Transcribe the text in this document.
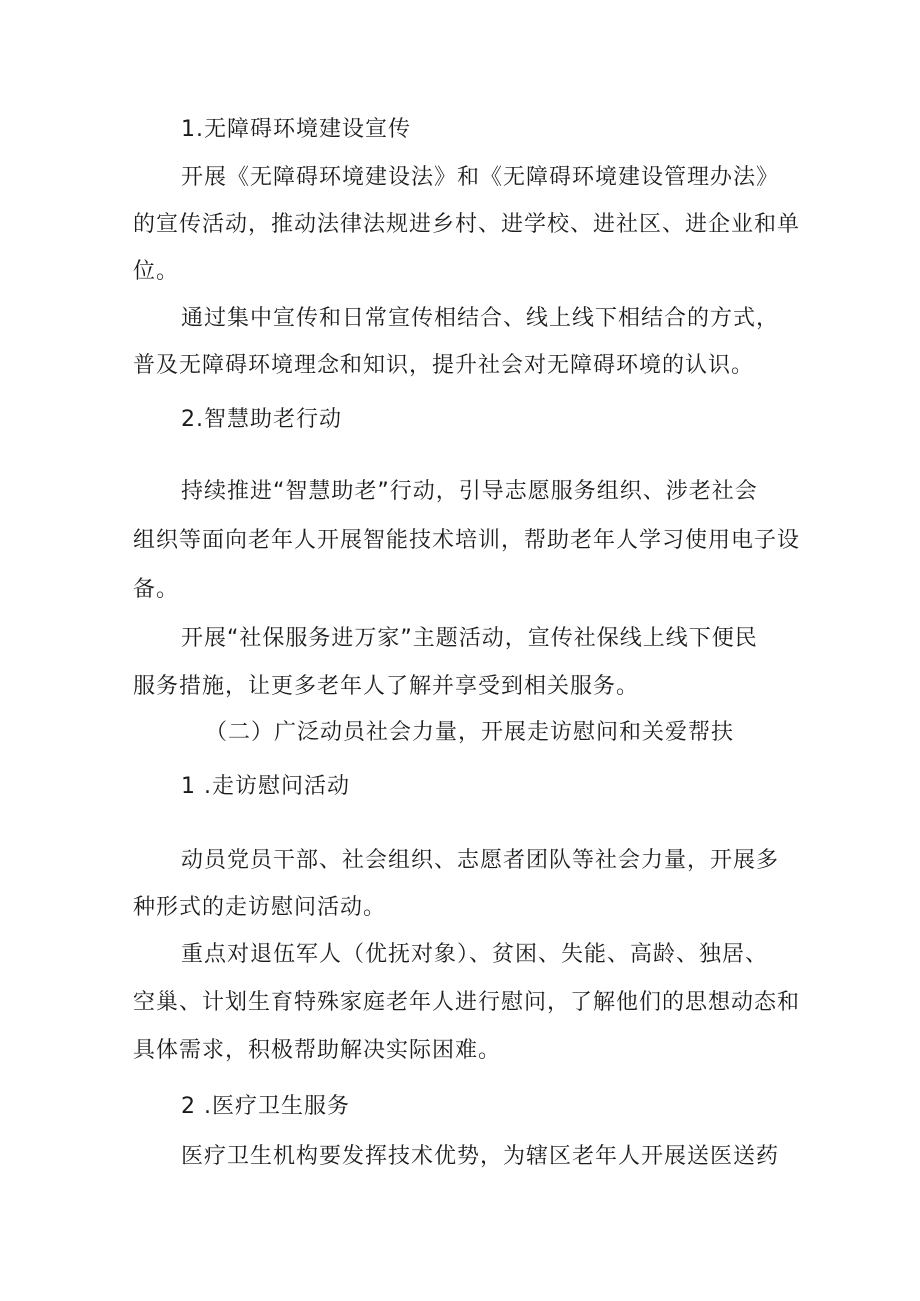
1.无障碍环境建设宣传
开展《无障碍环境建设法》和《无障碍环境建设管理办法》
的宣传活动，推动法律法规进乡村、进学校、进社区、进企业和单
位。
通过集中宣传和日常宣传相结合、线上线下相结合的方式，
普及无障碍环境理念和知识，提升社会对无障碍环境的认识。
2.智慧助老行动
持续推进“智慧助老”行动，引导志愿服务组织、涉老社会
组织等面向老年人开展智能技术培训，帮助老年人学习使用电子设
备。
开展“社保服务进万家”主题活动，宣传社保线上线下便民
服务措施，让更多老年人了解并享受到相关服务。
（二）广泛动员社会力量，开展走访慰问和关爱帮扶
1 .走访慰问活动
动员党员干部、社会组织、志愿者团队等社会力量，开展多
种形式的走访慰问活动。
重点对退伍军人（优抚对象）、贫困、失能、高龄、独居、
空巢、计划生育特殊家庭老年人进行慰问，了解他们的思想动态和
具体需求，积极帮助解决实际困难。
2 .医疗卫生服务
医疗卫生机构要发挥技术优势，为辖区老年人开展送医送药
